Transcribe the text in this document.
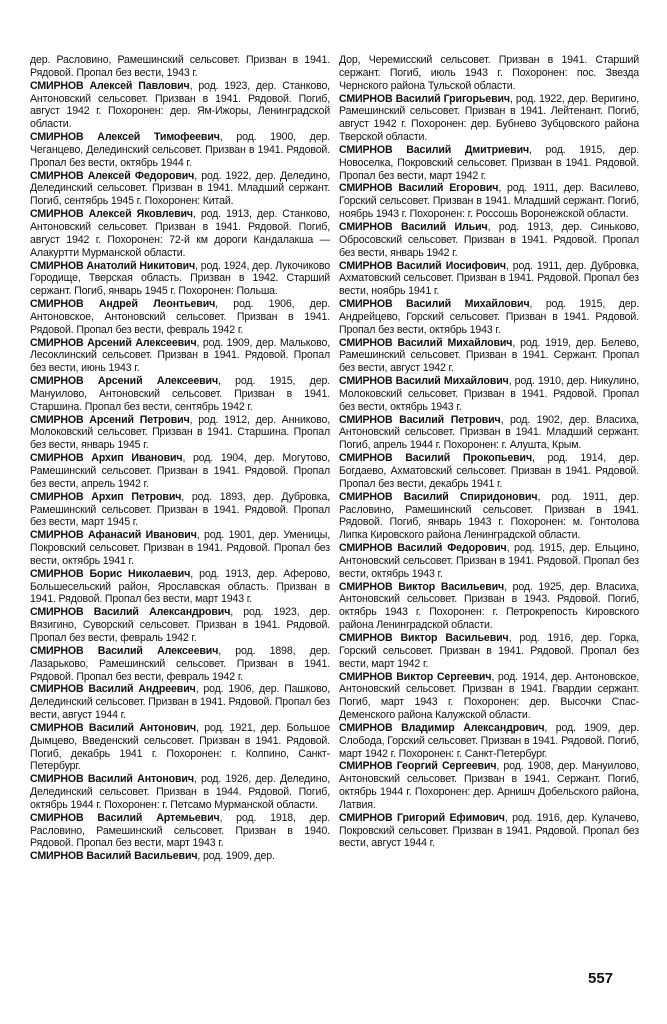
дер. Расловино, Рамешинский сельсовет. Призван в 1941. Рядовой. Пропал без вести, 1943 г.

СМИРНОВ Алексей Павлович, род. 1923, дер. Станково, Антоновский сельсовет. Призван в 1941. Рядовой. Погиб, август 1942 г. Похоронен: дер. Ям-Ижоры, Ленинградской области.

СМИРНОВ Алексей Тимофеевич, род. 1900, дер. Чеганцево, Делединский сельсовет. Призван в 1941. Рядовой. Пропал без вести, октябрь 1944 г.

СМИРНОВ Алексей Федорович, род. 1922, дер. Деледино, Делединский сельсовет. Призван в 1941. Младший сержант. Погиб, сентябрь 1945 г. Похоронен: Китай.

СМИРНОВ Алексей Яковлевич, род. 1913, дер. Станково, Антоновский сельсовет. Призван в 1941. Рядовой. Погиб, август 1942 г. Похоронен: 72-й км дороги Кандалакша — Алакуртти Мурманской области.

СМИРНОВ Анатолий Никитович, род. 1924, дер. Лукочиково Городище, Тверская область. Призван в 1942. Старший сержант. Погиб, январь 1945 г. Похоронен: Польша.

СМИРНОВ Андрей Леонтьевич, род. 1906, дер. Антоновское, Антоновский сельсовет. Призван в 1941. Рядовой. Пропал без вести, февраль 1942 г.

СМИРНОВ Арсений Алексеевич, род. 1909, дер. Мальково, Лесоклинский сельсовет. Призван в 1941. Рядовой. Пропал без вести, июнь 1943 г.

СМИРНОВ Арсений Алексеевич, род. 1915, дер. Мануилово, Антоновский сельсовет. Призван в 1941. Старшина. Пропал без вести, сентябрь 1942 г.

СМИРНОВ Арсений Петрович, род. 1912, дер. Анниково, Молоковский сельсовет. Призван в 1941. Старшина. Пропал без вести, январь 1945 г.

СМИРНОВ Архип Иванович, род. 1904, дер. Могутово, Рамешинский сельсовет. Призван в 1941. Рядовой. Пропал без вести, апрель 1942 г.

СМИРНОВ Архип Петрович, род. 1893, дер. Дубровка, Рамешинский сельсовет. Призван в 1941. Рядовой. Пропал без вести, март 1945 г.

СМИРНОВ Афанасий Иванович, род. 1901, дер. Уменицы, Покровский сельсовет. Призван в 1941. Рядовой. Пропал без вести, октябрь 1941 г.

СМИРНОВ Борис Николаевич, род. 1913, дер. Аферово, Большесельский район, Ярославская область. Призван в 1941. Рядовой. Пропал без вести, март 1943 г.

СМИРНОВ Василий Александрович, род. 1923, дер. Вязигино, Суворский сельсовет. Призван в 1941. Рядовой. Пропал без вести, февраль 1942 г.

СМИРНОВ Василий Алексеевич, род. 1898, дер. Лазарьково, Рамешинский сельсовет. Призван в 1941. Рядовой. Пропал без вести, февраль 1942 г.

СМИРНОВ Василий Андреевич, род. 1906, дер. Пашково, Делединский сельсовет. Призван в 1941. Рядовой. Пропал без вести, август 1944 г.

СМИРНОВ Василий Антонович, род. 1921, дер. Большое Дымцево, Введенский сельсовет. Призван в 1941. Рядовой. Погиб, декабрь 1941 г. Похоронен: г. Колпино, Санкт-Петербург.

СМИРНОВ Василий Антонович, род. 1926, дер. Деледино, Делединский сельсовет. Призван в 1944. Рядовой. Погиб, октябрь 1944 г. Похоронен: г. Петсамо Мурманской области.

СМИРНОВ Василий Артемьевич, род. 1918, дер. Расловино, Рамешинский сельсовет. Призван в 1940. Рядовой. Пропал без вести, март 1943 г.

СМИРНОВ Василий Васильевич, род. 1909, дер.

Дор, Черемисский сельсовет. Призван в 1941. Старший сержант. Погиб, июль 1943 г. Похоронен: пос. Звезда Чернского района Тульской области.

СМИРНОВ Василий Григорьевич, род. 1922, дер. Веригино, Рамешинский сельсовет. Призван в 1941. Лейтенант. Погиб, август 1942 г. Похоронен: дер. Бубнево Зубцовского района Тверской области.

СМИРНОВ Василий Дмитриевич, род. 1915, дер. Новоселка, Покровский сельсовет. Призван в 1941. Рядовой. Пропал без вести, март 1942 г.

СМИРНОВ Василий Егорович, род. 1911, дер. Василево, Горский сельсовет. Призван в 1941. Младший сержант. Погиб, ноябрь 1943 г. Похоронен: г. Россошь Воронежской области.

СМИРНОВ Василий Ильич, род. 1913, дер. Синьково, Обросовский сельсовет. Призван в 1941. Рядовой. Пропал без вести, январь 1942 г.

СМИРНОВ Василий Иосифович, род. 1911, дер. Дубровка, Ахматовский сельсовет. Призван в 1941. Рядовой. Пропал без вести, ноябрь 1941 г.

СМИРНОВ Василий Михайлович, род. 1915, дер. Андрейцево, Горский сельсовет. Призван в 1941. Рядовой. Пропал без вести, октябрь 1943 г.

СМИРНОВ Василий Михайлович, род. 1919, дер. Белево, Рамешинский сельсовет. Призван в 1941. Сержант. Пропал без вести, август 1942 г.

СМИРНОВ Василий Михайлович, род. 1910, дер. Никулино, Молоковский сельсовет. Призван в 1941. Рядовой. Пропал без вести, октябрь 1943 г.

СМИРНОВ Василий Петрович, род. 1902, дер. Власиха, Антоновский сельсовет. Призван в 1941. Младший сержант. Погиб, апрель 1944 г. Похоронен: г. Алушта, Крым.

СМИРНОВ Василий Прокопьевич, род. 1914, дер. Богдаево, Ахматовский сельсовет. Призван в 1941. Рядовой. Пропал без вести, декабрь 1941 г.

СМИРНОВ Василий Спиридонович, род. 1911, дер. Расловино, Рамешинский сельсовет. Призван в 1941. Рядовой. Погиб, январь 1943 г. Похоронен: м. Гонтолова Липка Кировского района Ленинградской области.

СМИРНОВ Василий Федорович, род. 1915, дер. Ельцино, Антоновский сельсовет. Призван в 1941. Рядовой. Пропал без вести, октябрь 1943 г.

СМИРНОВ Виктор Васильевич, род. 1925, дер. Власиха, Антоновский сельсовет. Призван в 1943. Рядовой. Погиб, октябрь 1943 г. Похоронен: г. Петрокрепость Кировского района Ленинградской области.

СМИРНОВ Виктор Васильевич, род. 1916, дер. Горка, Горский сельсовет. Призван в 1941. Рядовой. Пропал без вести, март 1942 г.

СМИРНОВ Виктор Сергеевич, род. 1914, дер. Антоновское, Антоновский сельсовет. Призван в 1941. Гвардии сержант. Погиб, март 1943 г. Похоронен: дер. Высочки Спас-Деменского района Калужской области.

СМИРНОВ Владимир Александрович, род. 1909, дер. Слобода, Горский сельсовет. Призван в 1941. Рядовой. Погиб, март 1942 г. Похоронен: г. Санкт-Петербург.

СМИРНОВ Георгий Сергеевич, род. 1908, дер. Мануилово, Антоновский сельсовет. Призван в 1941. Сержант. Погиб, октябрь 1944 г. Похоронен: дер. Арнишч Добельского района, Латвия.

СМИРНОВ Григорий Ефимович, род. 1916, дер. Кулачево, Покровский сельсовет. Призван в 1941. Рядовой. Пропал без вести, август 1944 г.

557
